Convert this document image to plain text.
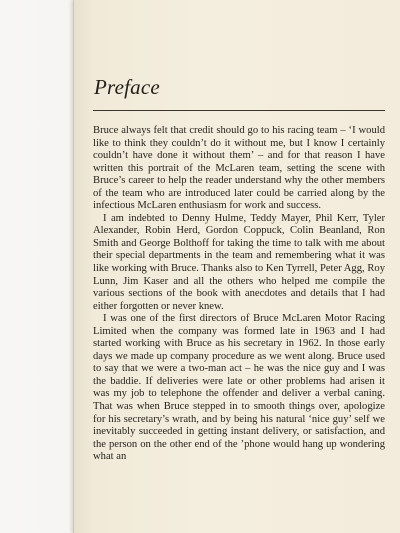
Preface

Bruce always felt that credit should go to his racing team – ‘I would like to think they couldn’t do it without me, but I know I certainly couldn’t have done it without them’ – and for that reason I have written this portrait of the McLaren team, setting the scene with Bruce’s career to help the reader understand why the other members of the team who are introduced later could be carried along by the infectious McLaren enthusiasm for work and success.

I am indebted to Denny Hulme, Teddy Mayer, Phil Kerr, Tyler Alexander, Robin Herd, Gordon Coppuck, Colin Beanland, Ron Smith and George Bolthoff for taking the time to talk with me about their special departments in the team and remembering what it was like working with Bruce. Thanks also to Ken Tyrrell, Peter Agg, Roy Lunn, Jim Kaser and all the others who helped me compile the various sections of the book with anecdotes and details that I had either forgotten or never knew.

I was one of the first directors of Bruce McLaren Motor Racing Limited when the company was formed late in 1963 and I had started working with Bruce as his secretary in 1962. In those early days we made up company procedure as we went along. Bruce used to say that we were a two-man act – he was the nice guy and I was the baddie. If deliveries were late or other problems had arisen it was my job to telephone the offender and deliver a verbal caning. That was when Bruce stepped in to smooth things over, apologize for his secretary’s wrath, and by being his natural ‘nice guy’ self we inevitably succeeded in getting instant delivery, or satisfaction, and the person on the other end of the ’phone would hang up wondering what an
